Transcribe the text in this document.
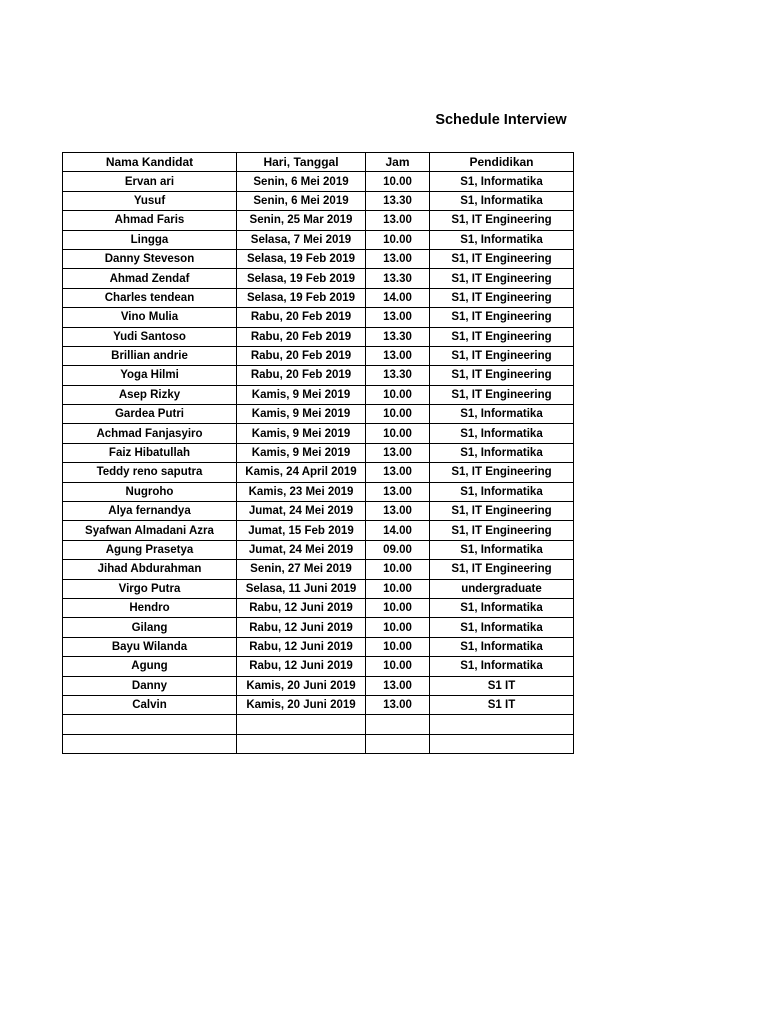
Schedule Interview
Nama Kandidat	Hari, Tanggal	Jam	Pendidikan
Ervan ari	Senin, 6 Mei 2019	10.00	S1, Informatika
Yusuf	Senin, 6 Mei 2019	13.30	S1, Informatika
Ahmad Faris	Senin, 25 Mar 2019	13.00	S1, IT Engineering
Lingga	Selasa, 7 Mei 2019	10.00	S1, Informatika
Danny Steveson	Selasa, 19 Feb 2019	13.00	S1, IT Engineering
Ahmad Zendaf	Selasa, 19 Feb 2019	13.30	S1, IT Engineering
Charles tendean	Selasa, 19 Feb 2019	14.00	S1, IT Engineering
Vino Mulia	Rabu, 20 Feb 2019	13.00	S1, IT Engineering
Yudi Santoso	Rabu, 20 Feb 2019	13.30	S1, IT Engineering
Brillian andrie	Rabu, 20 Feb 2019	13.00	S1, IT Engineering
Yoga Hilmi	Rabu, 20 Feb 2019	13.30	S1, IT Engineering
Asep Rizky	Kamis, 9 Mei 2019	10.00	S1, IT Engineering
Gardea Putri	Kamis, 9 Mei 2019	10.00	S1, Informatika
Achmad Fanjasyiro	Kamis, 9 Mei 2019	10.00	S1, Informatika
Faiz Hibatullah	Kamis, 9 Mei 2019	13.00	S1, Informatika
Teddy reno saputra	Kamis, 24 April 2019	13.00	S1, IT Engineering
Nugroho	Kamis, 23 Mei 2019	13.00	S1, Informatika
Alya fernandya	Jumat, 24 Mei 2019	13.00	S1, IT Engineering
Syafwan Almadani Azra	Jumat, 15 Feb 2019	14.00	S1, IT Engineering
Agung Prasetya	Jumat, 24 Mei 2019	09.00	S1, Informatika
Jihad Abdurahman	Senin, 27 Mei 2019	10.00	S1, IT Engineering
Virgo Putra	Selasa, 11 Juni 2019	10.00	undergraduate
Hendro	Rabu, 12 Juni 2019	10.00	S1, Informatika
Gilang	Rabu, 12 Juni 2019	10.00	S1, Informatika
Bayu Wilanda	Rabu, 12 Juni 2019	10.00	S1, Informatika
Agung	Rabu, 12 Juni 2019	10.00	S1, Informatika
Danny	Kamis, 20 Juni 2019	13.00	S1 IT
Calvin	Kamis, 20 Juni 2019	13.00	S1 IT
